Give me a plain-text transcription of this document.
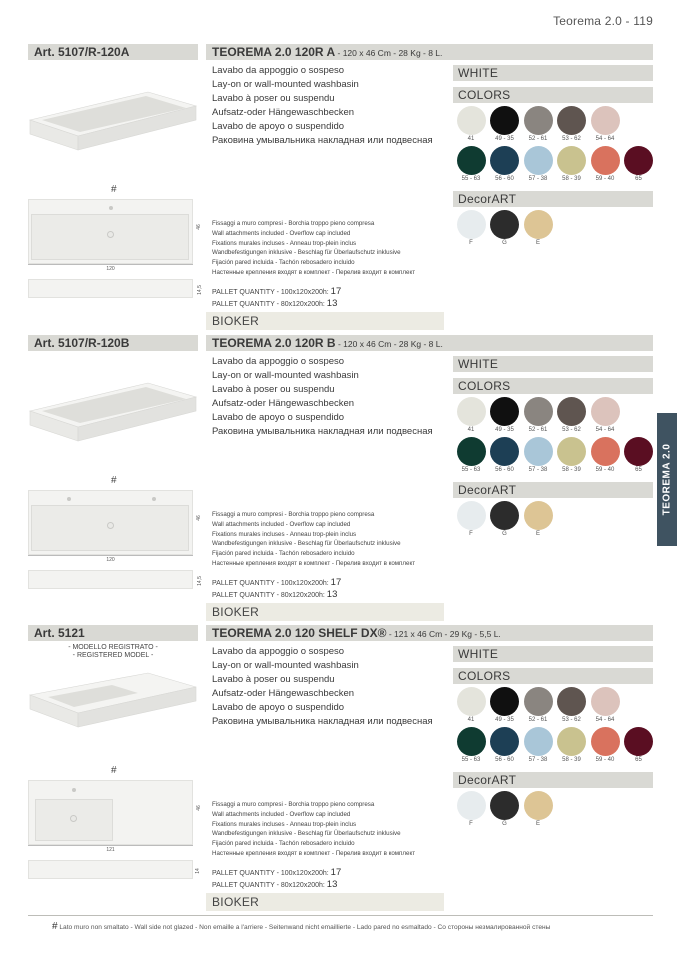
Teorema 2.0 - 119
TEOREMA 2.0
Art. 5107/R-120A	TEOREMA 2.0 120R A - 120 x 46 Cm - 28 Kg - 8 L.
Lavabo da appoggio o sospeso
Lay-on or wall-mounted washbasin
Lavabo à poser ou suspendu
Aufsatz-oder Hängewaschbecken
Lavabo de apoyo o suspendido
Раковина умывальника накладная или подвесная
#
46
120
14,5
Fissaggi a muro compresi - Borchia troppo pieno compresa
Wall attachments included - Overflow cap included
Fixations murales incluses - Anneau trop-plein inclus
Wandbefestigungen inklusive - Beschlag für Überlaufschutz inklusive
Fijación pared incluida - Tachón rebosadero incluido
Настенные крепления входят в комплект - Перелив входит в комплект
PALLET QUANTITY - 100x120x200h: 17
PALLET QUANTITY - 80x120x200h: 13
BIOKER
WHITE
COLORS
41	49 - 35 52 - 61 53 - 62 54 - 64
55 - 63 56 - 60 57 - 38 58 - 39 59 - 40	65
DecorART
F	G	E
Art. 5107/R-120B	TEOREMA 2.0 120R B - 120 x 46 Cm - 28 Kg - 8 L.
Lavabo da appoggio o sospeso
Lay-on or wall-mounted washbasin
Lavabo à poser ou suspendu
Aufsatz-oder Hängewaschbecken
Lavabo de apoyo o suspendido
Раковина умывальника накладная или подвесная
#
46
120
14,5
Fissaggi a muro compresi - Borchia troppo pieno compresa
Wall attachments included - Overflow cap included
Fixations murales incluses - Anneau trop-plein inclus
Wandbefestigungen inklusive - Beschlag für Überlaufschutz inklusive
Fijación pared incluida - Tachón rebosadero incluido
Настенные крепления входят в комплект - Перелив входит в комплект
PALLET QUANTITY - 100x120x200h: 17
PALLET QUANTITY - 80x120x200h: 13
BIOKER
WHITE
COLORS
41	49 - 35 52 - 61 53 - 62 54 - 64
55 - 63 56 - 60 57 - 38 58 - 39 59 - 40	65
DecorART
F	G	E
Art. 5121	TEOREMA 2.0 120 SHELF DX® - 121 x 46 Cm - 29 Kg - 5,5 L.
- MODELLO REGISTRATO -
- REGISTERED MODEL -	Lavabo da appoggio o sospeso
Lay-on or wall-mounted washbasin
Lavabo à poser ou suspendu
Aufsatz-oder Hängewaschbecken
Lavabo de apoyo o suspendido
Раковина умывальника накладная или подвесная
#
46
121
14
Fissaggi a muro compresi - Borchia troppo pieno compresa
Wall attachments included - Overflow cap included
Fixations murales incluses - Anneau trop-plein inclus
Wandbefestigungen inklusive - Beschlag für Überlaufschutz inklusive
Fijación pared incluida - Tachón rebosadero incluido
Настенные крепления входят в комплект - Перелив входит в комплект
PALLET QUANTITY - 100x120x200h: 17
PALLET QUANTITY - 80x120x200h: 13
BIOKER
WHITE
COLORS
41	49 - 35 52 - 61 53 - 62 54 - 64
55 - 63 56 - 60 57 - 38 58 - 39 59 - 40	65
DecorART
F	G	E
# Lato muro non smaltato - Wall side not glazed - Non emaille a l'arriere - Seitenwand nicht emaillierte - Lado pared no esmaltado - Со стороны незмалированной стены
